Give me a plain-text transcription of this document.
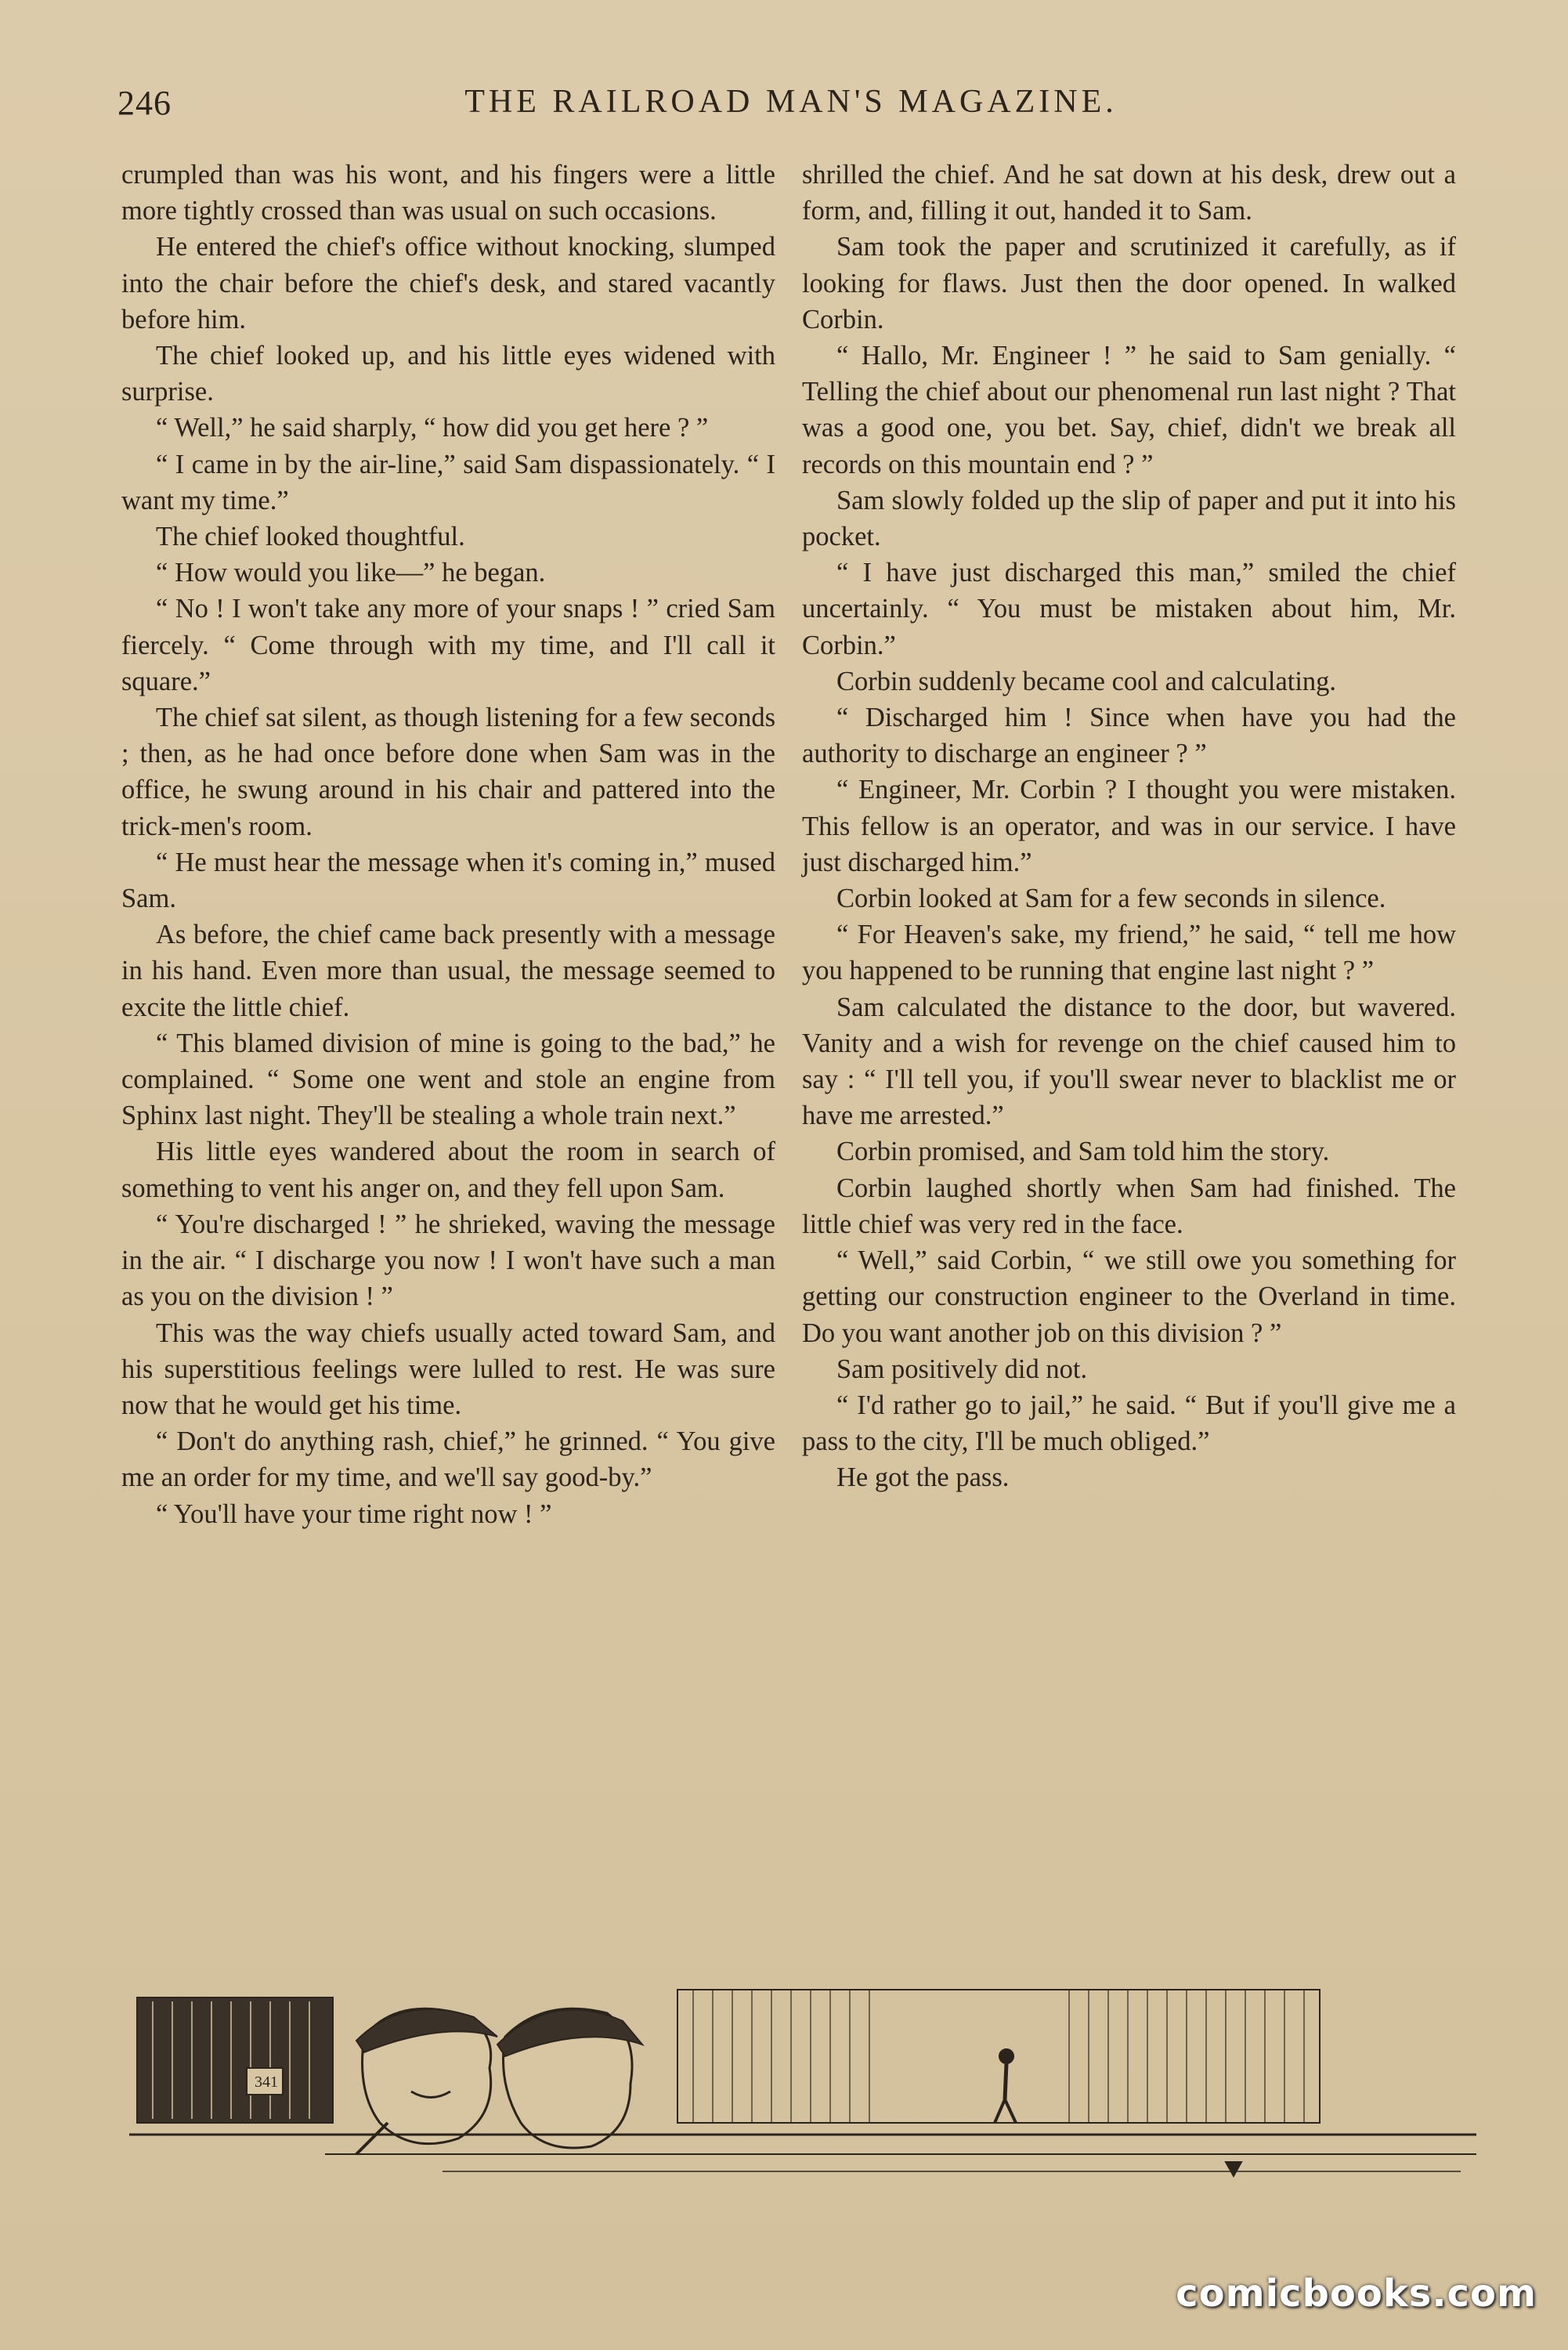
246	THE RAILROAD MAN'S MAGAZINE.

crumpled than was his wont, and his fingers were a little more tightly crossed than was usual on such occasions.

He entered the chief's office without knocking, slumped into the chair before the chief's desk, and stared vacantly before him.

The chief looked up, and his little eyes widened with surprise.

“ Well,” he said sharply, “ how did you get here ? ”

“ I came in by the air-line,” said Sam dispassionately. “ I want my time.”

The chief looked thoughtful.

“ How would you like—” he began.

“ No ! I won't take any more of your snaps ! ” cried Sam fiercely. “ Come through with my time, and I'll call it square.”

The chief sat silent, as though listening for a few seconds ; then, as he had once before done when Sam was in the office, he swung around in his chair and pattered into the trick-men's room.

“ He must hear the message when it's coming in,” mused Sam.

As before, the chief came back presently with a message in his hand. Even more than usual, the message seemed to excite the little chief.

“ This blamed division of mine is going to the bad,” he complained. “ Some one went and stole an engine from Sphinx last night. They'll be stealing a whole train next.”

His little eyes wandered about the room in search of something to vent his anger on, and they fell upon Sam.

“ You're discharged ! ” he shrieked, waving the message in the air. “ I discharge you now ! I won't have such a man as you on the division ! ”

This was the way chiefs usually acted toward Sam, and his superstitious feelings were lulled to rest. He was sure now that he would get his time.

“ Don't do anything rash, chief,” he grinned. “ You give me an order for my time, and we'll say good-by.”

“ You'll have your time right now ! ”

shrilled the chief. And he sat down at his desk, drew out a form, and, filling it out, handed it to Sam.

Sam took the paper and scrutinized it carefully, as if looking for flaws. Just then the door opened. In walked Corbin.

“ Hallo, Mr. Engineer ! ” he said to Sam genially. “ Telling the chief about our phenomenal run last night ? That was a good one, you bet. Say, chief, didn't we break all records on this mountain end ? ”

Sam slowly folded up the slip of paper and put it into his pocket.

“ I have just discharged this man,” smiled the chief uncertainly. “ You must be mistaken about him, Mr. Corbin.”

Corbin suddenly became cool and calculating.

“ Discharged him ! Since when have you had the authority to discharge an engineer ? ”

“ Engineer, Mr. Corbin ? I thought you were mistaken. This fellow is an operator, and was in our service. I have just discharged him.”

Corbin looked at Sam for a few seconds in silence.

“ For Heaven's sake, my friend,” he said, “ tell me how you happened to be running that engine last night ? ”

Sam calculated the distance to the door, but wavered. Vanity and a wish for revenge on the chief caused him to say : “ I'll tell you, if you'll swear never to blacklist me or have me arrested.”

Corbin promised, and Sam told him the story.

Corbin laughed shortly when Sam had finished. The little chief was very red in the face.

“ Well,” said Corbin, “ we still owe you something for getting our construction engineer to the Overland in time. Do you want another job on this division ? ”

Sam positively did not.

“ I'd rather go to jail,” he said. “ But if you'll give me a pass to the city, I'll be much obliged.”

He got the pass.

341
comicbooks.com
